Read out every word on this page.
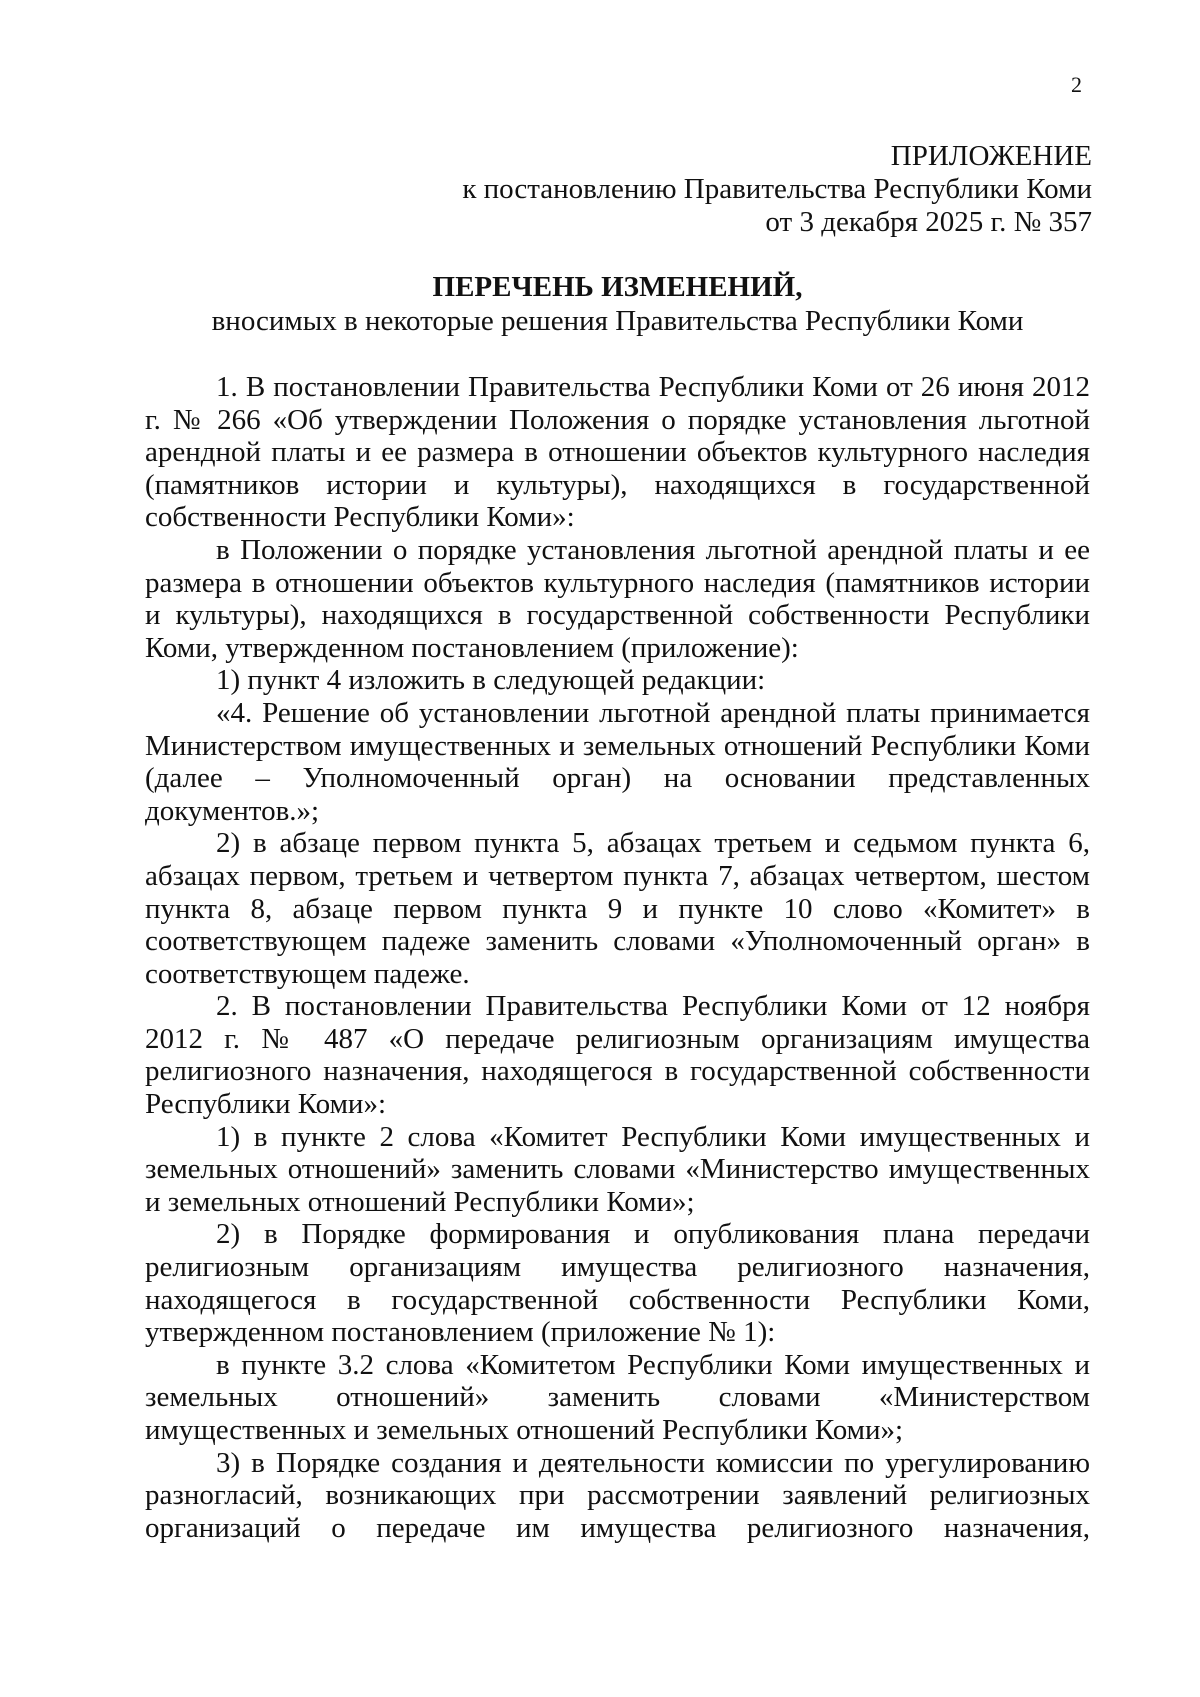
2
ПРИЛОЖЕНИЕ
к постановлению Правительства Республики Коми
от 3 декабря 2025 г. № 357
ПЕРЕЧЕНЬ ИЗМЕНЕНИЙ,
вносимых в некоторые решения Правительства Республики Коми

1. В постановлении Правительства Республики Коми от 26 июня 2012 г. № 266 «Об утверждении Положения о порядке установления льготной арендной платы и ее размера в отношении объектов культурного наследия (памятников истории и культуры), находящихся в государственной собственности Республики Коми»:

в Положении о порядке установления льготной арендной платы и ее размера в отношении объектов культурного наследия (памятников истории и культуры), находящихся в государственной собственности Республики Коми, утвержденном постановлением (приложение):

1) пункт 4 изложить в следующей редакции:

«4. Решение об установлении льготной арендной платы принимается Министерством имущественных и земельных отношений Республики Коми (далее – Уполномоченный орган) на основании представленных документов.»;

2) в абзаце первом пункта 5, абзацах третьем и седьмом пункта 6, абзацах первом, третьем и четвертом пункта 7, абзацах четвертом, шестом пункта 8, абзаце первом пункта 9 и пункте 10 слово «Комитет» в соответствующем падеже заменить словами «Уполномоченный орган» в соответствующем падеже.

2. В постановлении Правительства Республики Коми от 12 ноября 2012 г. № 487 «О передаче религиозным организациям имущества религиозного назначения, находящегося в государственной собственности Республики Коми»:

1) в пункте 2 слова «Комитет Республики Коми имущественных и земельных отношений» заменить словами «Министерство имущественных и земельных отношений Республики Коми»;

2) в Порядке формирования и опубликования плана передачи религиозным организациям имущества религиозного назначения, находящегося в государственной собственности Республики Коми, утвержденном постановлением (приложение № 1):

в пункте 3.2 слова «Комитетом Республики Коми имущественных и земельных отношений» заменить словами «Министерством имущественных и земельных отношений Республики Коми»;

3) в Порядке создания и деятельности комиссии по урегулированию разногласий, возникающих при рассмотрении заявлений религиозных организаций о передаче им имущества религиозного назначения,
